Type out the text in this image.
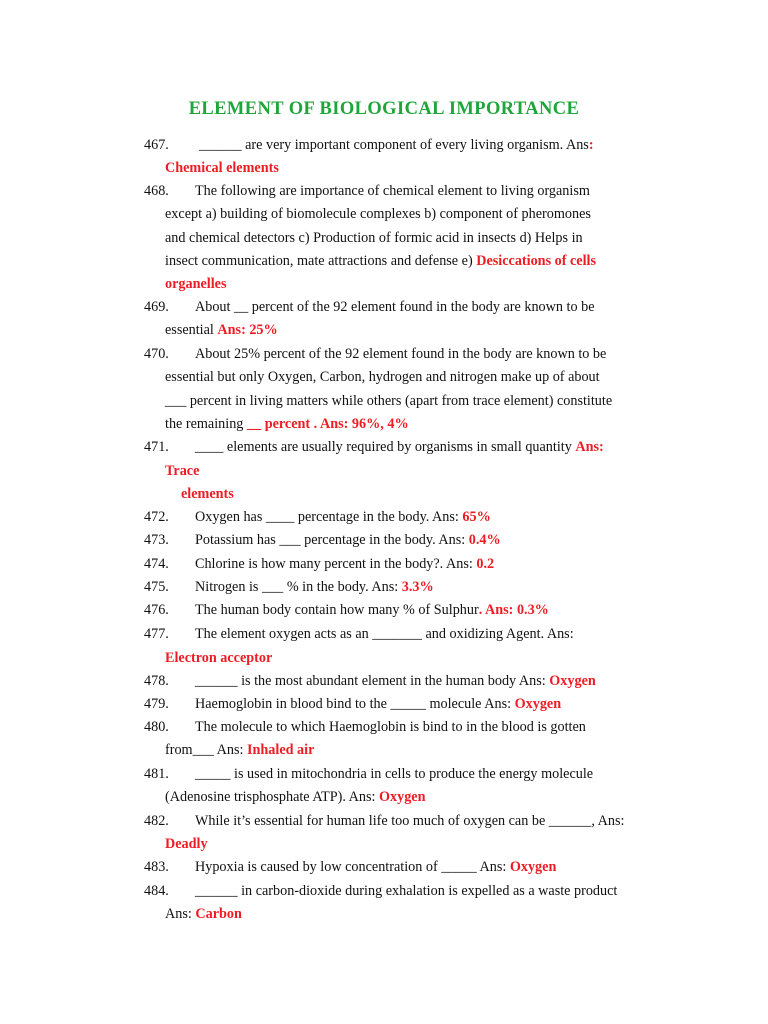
ELEMENT OF BIOLOGICAL IMPORTANCE
467. ______ are very important component of every living organism. Ans:
Chemical elements
468. The following are importance of chemical element to living organism
except a) building of biomolecule complexes b) component of pheromones
and chemical detectors c) Production of formic acid in insects d) Helps in
insect communication, mate attractions and defense e) Desiccations of cells
organelles
469. About __ percent of the 92 element found in the body are known to be
essential Ans: 25%
470. About 25% percent of the 92 element found in the body are known to be
essential but only Oxygen, Carbon, hydrogen and nitrogen make up of about
___ percent in living matters while others (apart from trace element) constitute
the remaining __ percent . Ans: 96%, 4%
471. ____ elements are usually required by organisms in small quantity Ans:
Trace
elements
472. Oxygen has ____ percentage in the body. Ans: 65%
473. Potassium has ___ percentage in the body. Ans: 0.4%
474. Chlorine is how many percent in the body?. Ans: 0.2
475. Nitrogen is ___ % in the body. Ans: 3.3%
476. The human body contain how many % of Sulphur. Ans: 0.3%
477. The element oxygen acts as an _______ and oxidizing Agent. Ans:
Electron acceptor
478. ______ is the most abundant element in the human body Ans: Oxygen
479. Haemoglobin in blood bind to the _____ molecule Ans: Oxygen
480. The molecule to which Haemoglobin is bind to in the blood is gotten
from___ Ans: Inhaled air
481. _____ is used in mitochondria in cells to produce the energy molecule
(Adenosine trisphosphate ATP). Ans: Oxygen
482. While it’s essential for human life too much of oxygen can be ______, Ans:
Deadly
483. Hypoxia is caused by low concentration of _____ Ans: Oxygen
484. ______ in carbon-dioxide during exhalation is expelled as a waste product
Ans: Carbon
